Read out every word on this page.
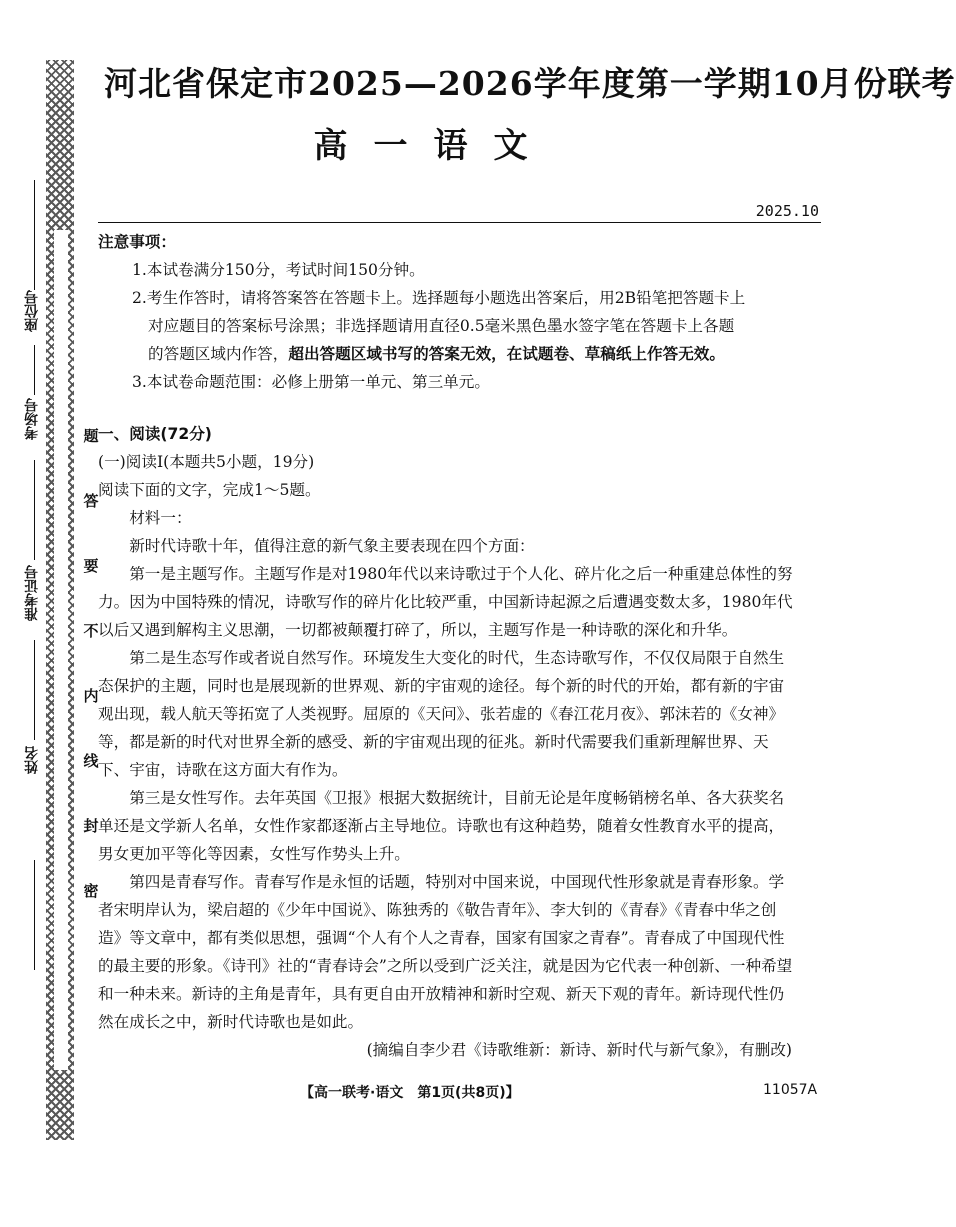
座位号
考场号
准考证号
姓名
题
答
要
不
内
线
封
密
河北省保定市2025—2026学年度第一学期10月份联考
高一语文
2025.10

注意事项：

1.本试卷满分150分，考试时间150分钟。

2.考生作答时，请将答案答在答题卡上。选择题每小题选出答案后，用2B铅笔把答题卡上

对应题目的答案标号涂黑；非选择题请用直径0.5毫米黑色墨水签字笔在答题卡上各题

的答题区域内作答，超出答题区域书写的答案无效，在试题卷、草稿纸上作答无效。

3.本试卷命题范围：必修上册第一单元、第三单元。

一、阅读(72分)

(一)阅读Ⅰ(本题共5小题，19分)

阅读下面的文字，完成1～5题。

材料一：

新时代诗歌十年，值得注意的新气象主要表现在四个方面：

第一是主题写作。主题写作是对1980年代以来诗歌过于个人化、碎片化之后一种重建总体性的努力。因为中国特殊的情况，诗歌写作的碎片化比较严重，中国新诗起源之后遭遇变数太多，1980年代以后又遇到解构主义思潮，一切都被颠覆打碎了，所以，主题写作是一种诗歌的深化和升华。

第二是生态写作或者说自然写作。环境发生大变化的时代，生态诗歌写作，不仅仅局限于自然生态保护的主题，同时也是展现新的世界观、新的宇宙观的途径。每个新的时代的开始，都有新的宇宙观出现，载人航天等拓宽了人类视野。屈原的《天问》、张若虚的《春江花月夜》、郭沫若的《女神》等，都是新的时代对世界全新的感受、新的宇宙观出现的征兆。新时代需要我们重新理解世界、天下、宇宙，诗歌在这方面大有作为。

第三是女性写作。去年英国《卫报》根据大数据统计，目前无论是年度畅销榜名单、各大获奖名单还是文学新人名单，女性作家都逐渐占主导地位。诗歌也有这种趋势，随着女性教育水平的提高，男女更加平等化等因素，女性写作势头上升。

第四是青春写作。青春写作是永恒的话题，特别对中国来说，中国现代性形象就是青春形象。学者宋明岸认为，梁启超的《少年中国说》、陈独秀的《敬告青年》、李大钊的《青春》《青春中华之创造》等文章中，都有类似思想，强调“个人有个人之青春，国家有国家之青春”。青春成了中国现代性的最主要的形象。《诗刊》社的“青春诗会”之所以受到广泛关注，就是因为它代表一种创新、一种希望和一种未来。新诗的主角是青年，具有更自由开放精神和新时空观、新天下观的青年。新诗现代性仍然在成长之中，新时代诗歌也是如此。

(摘编自李少君《诗歌维新：新诗、新时代与新气象》，有删改)

【高一联考·语文　第1页(共8页)】	11057A
